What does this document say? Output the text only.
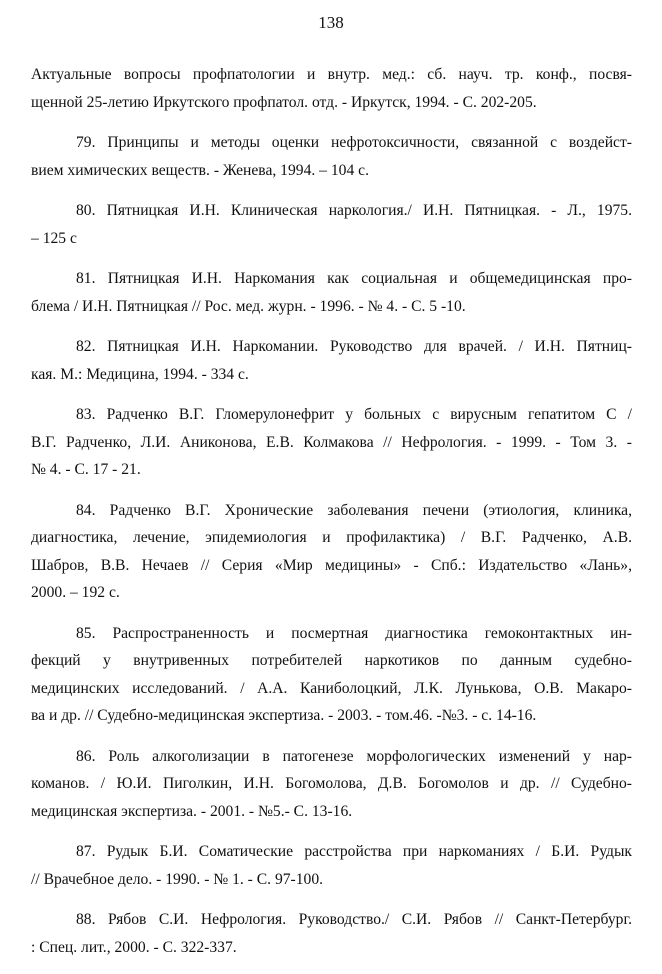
138
Актуальные вопросы профпатологии и внутр. мед.: сб. науч. тр. конф., посвя-
щенной 25-летию Иркутского профпатол. отд. - Иркутск, 1994. - С. 202-205.
79. Принципы и методы оценки нефротоксичности, связанной с воздейст-
вием химических веществ. - Женева, 1994. – 104 с.
80. Пятницкая И.Н. Клиническая наркология./ И.Н. Пятницкая. - Л., 1975.
– 125 с
81. Пятницкая И.Н. Наркомания как социальная и общемедицинская про-
блема / И.Н. Пятницкая // Рос. мед. журн. - 1996. - № 4. - С. 5 -10.
82. Пятницкая И.Н. Наркомании. Руководство для врачей. / И.Н. Пятниц-
кая. М.: Медицина, 1994. - 334 с.
83. Радченко В.Г. Гломерулонефрит у больных с вирусным гепатитом С /
В.Г. Радченко, Л.И. Аниконова, Е.В. Колмакова // Нефрология. - 1999. - Том 3. -
№ 4. - С. 17 - 21.
84. Радченко В.Г. Хронические заболевания печени (этиология, клиника,
диагностика, лечение, эпидемиология и профилактика) / В.Г. Радченко, А.В.
Шабров, В.В. Нечаев // Серия «Мир медицины» - Спб.: Издательство «Лань»,
2000. – 192 с.
85. Распространенность и посмертная диагностика гемоконтактных ин-
фекций у внутривенных потребителей наркотиков по данным судебно-
медицинских исследований. / А.А. Каниболоцкий, Л.К. Лунькова, О.В. Макаро-
ва и др. // Судебно-медицинская экспертиза. - 2003. - том.46. -№3. - с. 14-16.
86. Роль алкоголизации в патогенезе морфологических изменений у нар-
команов. / Ю.И. Пиголкин, И.Н. Богомолова, Д.В. Богомолов и др. // Судебно-
медицинская экспертиза. - 2001. - №5.- С. 13-16.
87. Рудык Б.И. Соматические расстройства при наркоманиях / Б.И. Рудык
// Врачебное дело. - 1990. - № 1. - С. 97-100.
88. Рябов С.И. Нефрология. Руководство./ С.И. Рябов // Санкт-Петербург.
: Спец. лит., 2000. - С. 322-337.
